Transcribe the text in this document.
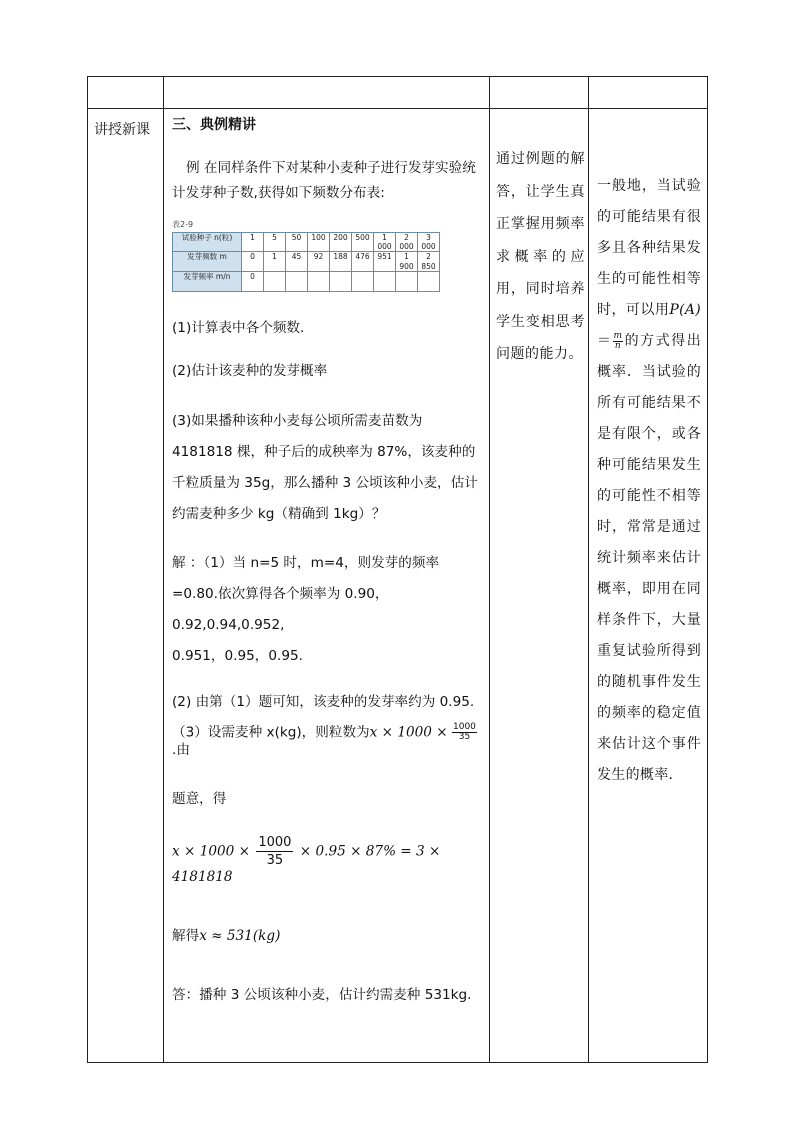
讲授新课	三、典例精讲

例 在同样条件下对某种小麦种子进行发芽实验统计发芽种子数,获得如下频数分布表:

表2-9
试验种子 n(粒)	1	5	50	100	200	500	1 000	2 000	3 000
发芽频数 m	0	1	45	92	188	476	951	1 900	2 850
发芽频率 m/n	0								

(1)计算表中各个频数.

(2)估计该麦种的发芽概率

(3)如果播种该种小麦每公顷所需麦苗数为 4181818 棵，种子后的成秧率为 87%，该麦种的千粒质量为 35g，那么播种 3 公顷该种小麦，估计约需麦种多少 kg（精确到 1kg）？

解 ：（1）当 n=5 时，m=4，则发芽的频率
=0.80.依次算得各个频率为 0.90，0.92,0.94,0.952,
0.951，0.95，0.95.

(2) 由第（1）题可知，该麦种的发芽率约为 0.95.

（3）设需麦种 x(kg)，则粒数为$x \times 1000 \times \frac{1000}{35}$
.由

题意，得

$x \times 1000 \times \frac{1000}{35} \times 0.95 \times 87\% = 3 \times 4181818$

解得x ≈ 531(kg)

答：播种 3 公顷该种小麦，估计约需麦种 531kg.

通过例题的解答，让学生真正掌握用频率求概率的应用，同时培养学生变相思考问题的能力。

一般地，当试验的可能结果有很多且各种结果发生的可能性相等时，可以用$P(A)= \frac{m}{n}$ 的方式得出概率．当试验的所有可能结果不是有限个，或各种可能结果发生的可能性不相等时，常常是通过统计频率来估计概率，即用在同样条件下，大量重复试验所得到的随机事件发生的频率的稳定值来估计这个事件发生的概率．
